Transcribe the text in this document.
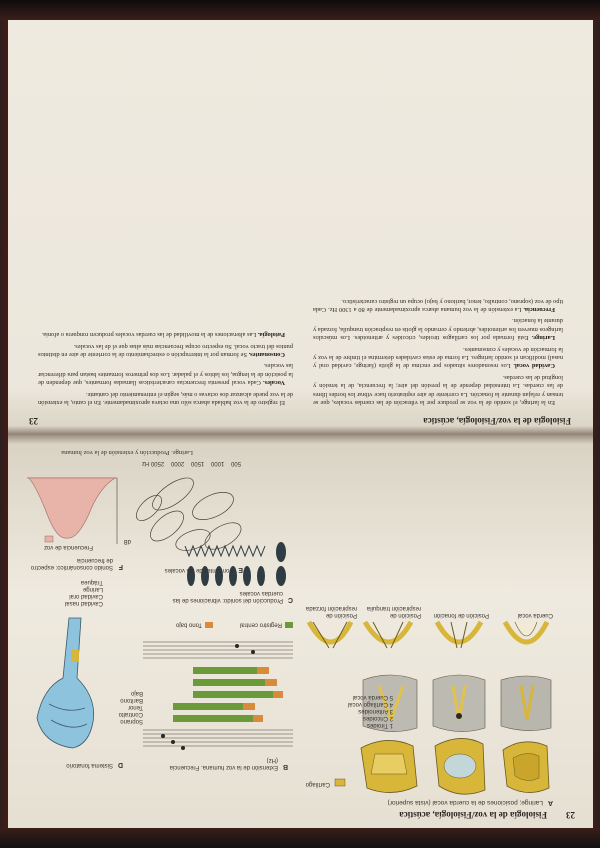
Fisiología de la voz/Fisiología, acústica 23
A
Laringe; posiciones de la cuerda vocal (vista superior)
Cartílago
1 Tiroides
2 Cricoides
3 Aritenoides
4 Cartílago vocal
5 Cuerda vocal
Cuerda vocal
Posición de fonación
Posición de respiración tranquila
Posición de respiración forzada
B
Extensión de la voz humana. Frecuencia (Hz)
Soprano
Contralto
Tenor
Barítono
Bajo
Registro central
Tono bajo
C
Producción del sonido: vibraciones de las cuerdas vocales
D
Sistema fonatorio
Cavidad nasal
Cavidad oral
Laringe
Tráquea
E
Formantes de las vocales
500    1000    1500    2000    2500 Hz
F
Sonido consonántico: espectro de frecuencia
dB
Frecuencia de voz
Laringe. Producción y extensión de la voz humana
Fisiología de la voz/Fisiología, acústica
23

En la laringe, el sonido de la voz se produce por la vibración de las cuerdas vocales, que se tensan y relajan durante la fonación. La corriente de aire espiratorio hace vibrar los bordes libres de las cuerdas. La intensidad depende de la presión del aire; la frecuencia, de la tensión y longitud de las cuerdas.

Cavidad vocal. Los resonadores situados por encima de la glotis (faringe, cavidad oral y nasal) modifican el sonido laríngeo. La forma de estas cavidades determina el timbre de la voz y la formación de vocales y consonantes.

Laringe. Está formada por los cartílagos tiroides, cricoides y aritenoides. Los músculos laríngeos mueven los aritenoides, abriendo y cerrando la glotis en respiración tranquila, forzada y durante la fonación.

Frecuencia. La extensión de la voz humana abarca aproximadamente de 80 a 1300 Hz. Cada tipo de voz (soprano, contralto, tenor, barítono y bajo) ocupa un registro característico.

El registro de la voz hablada abarca sólo una octava aproximadamente. En el canto, la extensión de la voz puede alcanzar dos octavas o más, según el entrenamiento del cantante.

Vocales. Cada vocal presenta frecuencias características llamadas formantes, que dependen de la posición de la lengua, los labios y el paladar. Los dos primeros formantes bastan para diferenciar las vocales.

Consonantes. Se forman por la interrupción o estrechamiento de la corriente de aire en distintos puntos del tracto vocal. Su espectro ocupa frecuencias más altas que el de las vocales.

Patología. Las alteraciones de la movilidad de las cuerdas vocales producen ronquera o afonía.
